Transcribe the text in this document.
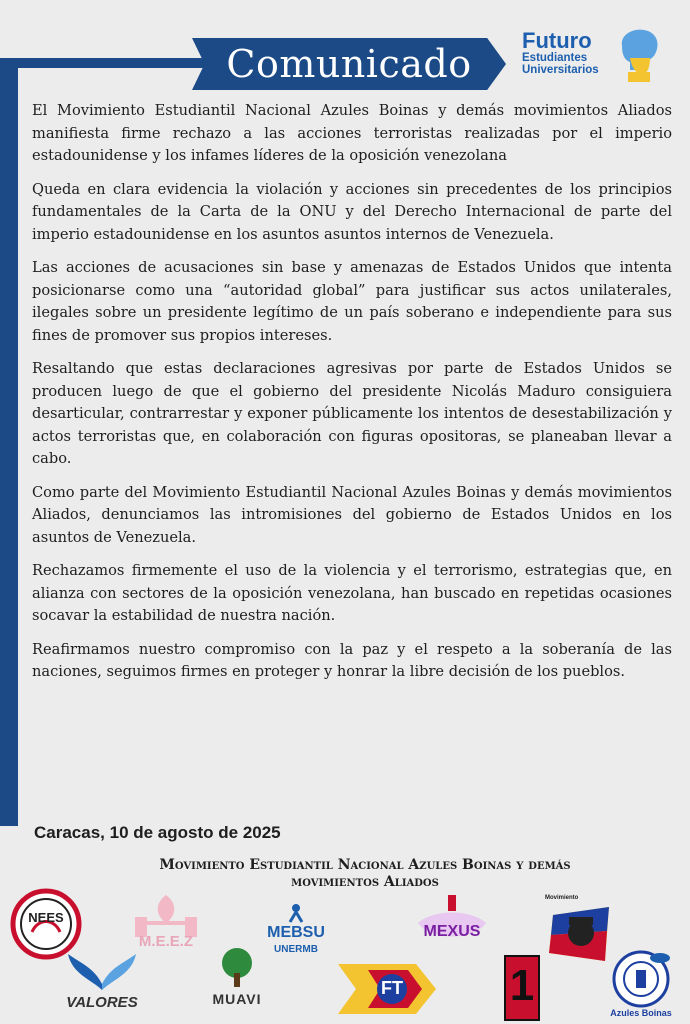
Comunicado
Futuro
Estudiantes
Universitarios

El Movimiento Estudiantil Nacional Azules Boinas y demás movimientos Aliados manifiesta firme rechazo a las acciones terroristas realizadas por el imperio estadounidense y los infames líderes de la oposición venezolana

Queda en clara evidencia la violación y acciones sin precedentes de los principios fundamentales de la Carta de la ONU y del Derecho Internacional de parte del imperio estadounidense en los asuntos asuntos internos de Venezuela.

Las acciones de acusaciones sin base y amenazas de Estados Unidos que intenta posicionarse como una “autoridad global” para justificar sus actos unilaterales, ilegales sobre un presidente legítimo de un país soberano e independiente para sus fines de promover sus propios intereses.

Resaltando que estas declaraciones agresivas por parte de Estados Unidos se producen luego de que el gobierno del presidente Nicolás Maduro consiguiera desarticular, contrarrestar y exponer públicamente los intentos de desestabilización y actos terroristas que, en colaboración con figuras opositoras, se planeaban llevar a cabo.

Como parte del Movimiento Estudiantil Nacional Azules Boinas y demás movimientos Aliados, denunciamos las intromisiones del gobierno de Estados Unidos en los asuntos de Venezuela.

Rechazamos firmemente el uso de la violencia y el terrorismo, estrategias que, en alianza con sectores de la oposición venezolana, han buscado en repetidas ocasiones socavar la estabilidad de nuestra nación.

Reafirmamos nuestro compromiso con la paz y el respeto a la soberanía de las naciones, seguimos firmes en proteger y honrar la libre decisión de los pueblos.

Caracas, 10 de agosto de 2025
Movimiento Estudiantil Nacional Azules Boinas y demás
movimientos Aliados
NEES
M.E.E.Z
MEBSU
UNERMB
MEXUS
Movimiento
VALORES	MUAVI
FT 1
Azules Boinas
